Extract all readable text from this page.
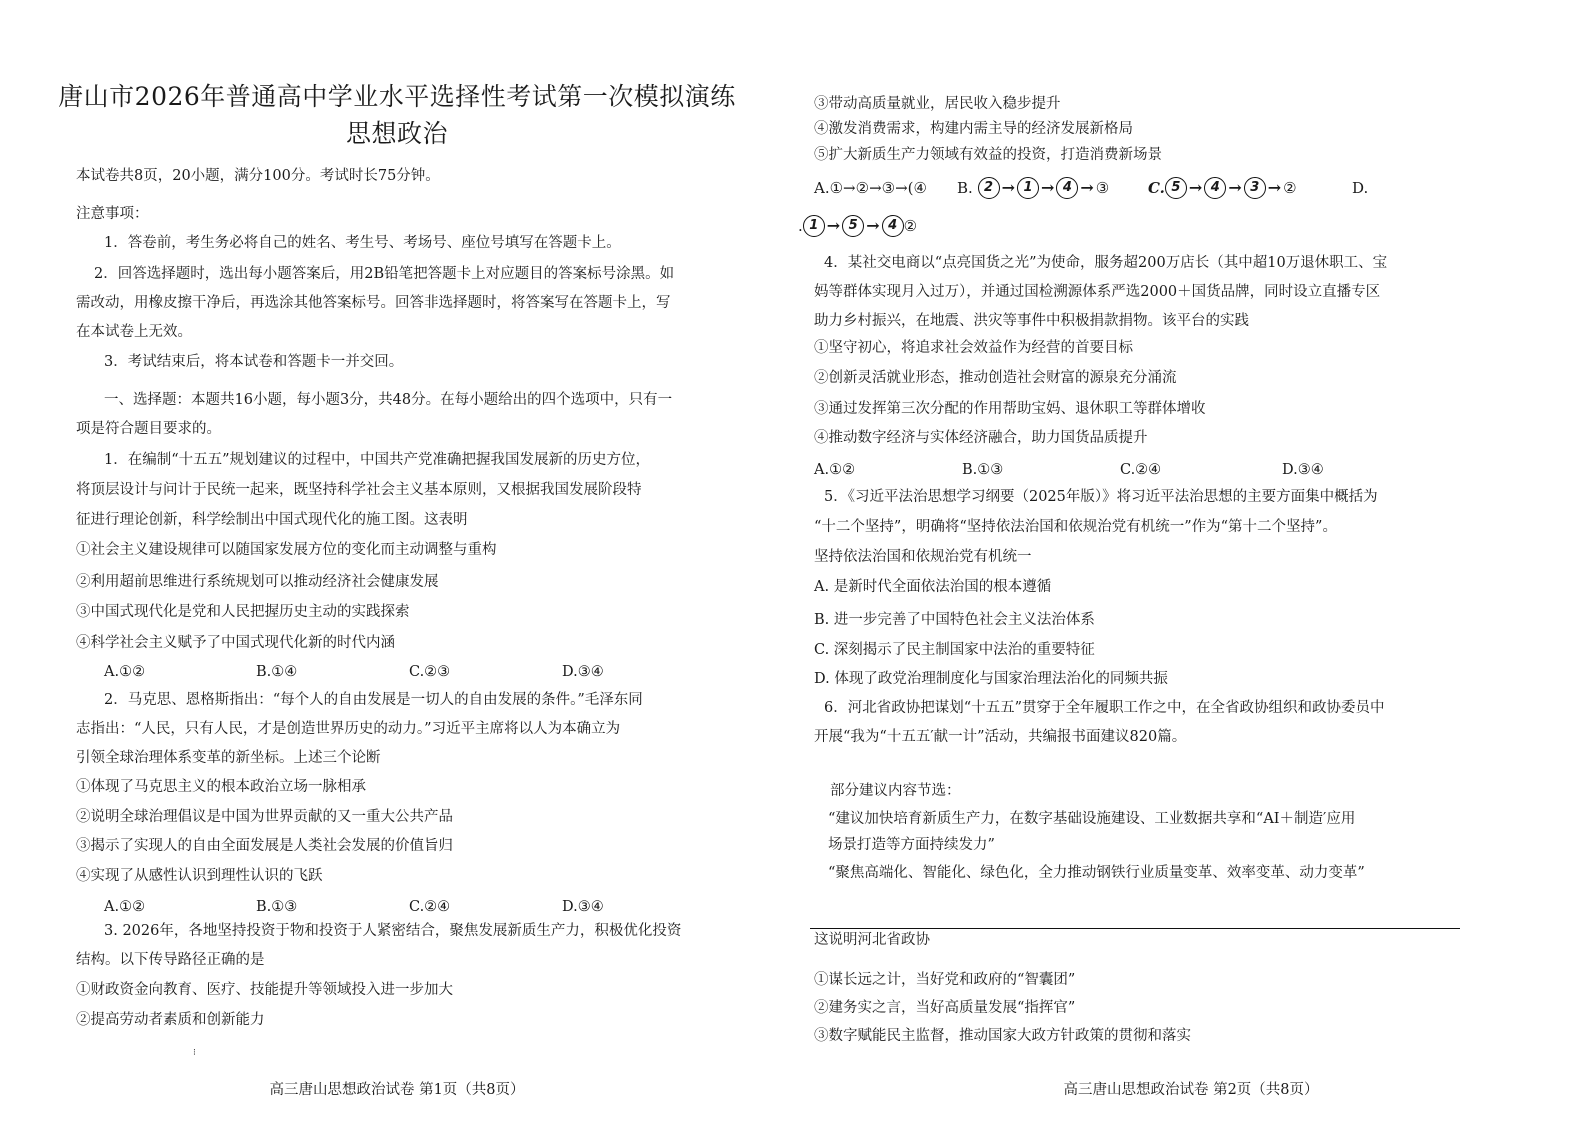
唐山市2026年普通高中学业水平选择性考试第一次模拟演练
思想政治
本试卷共8页，20小题，满分100分。考试时长75分钟。
注意事项：
1．答卷前，考生务必将自己的姓名、考生号、考场号、座位号填写在答题卡上。
2．回答选择题时，选出每小题答案后，用2B铅笔把答题卡上对应题目的答案标号涂黑。如
需改动，用橡皮擦干净后，再选涂其他答案标号。回答非选择题时，将答案写在答题卡上，写
在本试卷上无效。
3．考试结束后，将本试卷和答题卡一并交回。
一、选择题：本题共16小题，每小题3分，共48分。在每小题给出的四个选项中，只有一
项是符合题目要求的。
1．在编制“十五五”规划建议的过程中，中国共产党准确把握我国发展新的历史方位，
将顶层设计与问计于民统一起来，既坚持科学社会主义基本原则，又根据我国发展阶段特
征进行理论创新，科学绘制出中国式现代化的施工图。这表明
①社会主义建设规律可以随国家发展方位的变化而主动调整与重构
②利用超前思维进行系统规划可以推动经济社会健康发展
③中国式现代化是党和人民把握历史主动的实践探索
④科学社会主义赋予了中国式现代化新的时代内涵
A.①②	B.①④	C.②③	D.③④
2．马克思、恩格斯指出：“每个人的自由发展是一切人的自由发展的条件。”毛泽东同
志指出：“人民，只有人民，才是创造世界历史的动力。”习近平主席将以人为本确立为
引领全球治理体系变革的新坐标。上述三个论断
①体现了马克思主义的根本政治立场一脉相承
②说明全球治理倡议是中国为世界贡献的又一重大公共产品
③揭示了实现人的自由全面发展是人类社会发展的价值旨归
④实现了从感性认识到理性认识的飞跃
A.①②	B.①③	C.②④	D.③④
3. 2026年，各地坚持投资于物和投资于人紧密结合，聚焦发展新质生产力，积极优化投资
结构。以下传导路径正确的是
①财政资金向教育、医疗、技能提升等领域投入进一步加大
②提高劳动者素质和创新能力
⁝
高三唐山思想政治试卷 第1页（共8页）
③带动高质量就业，居民收入稳步提升
④激发消费需求，构建内需主导的经济发展新格局
⑤扩大新质生产力领域有效益的投资，打造消费新场景
A.①→②→③→(④ B. 2 → 1 → 4 → ③	C. 5 → 4 → 3 → ②	D.
. 1 → 5 → 4 ②
4．某社交电商以“点亮国货之光”为使命，服务超200万店长（其中超10万退休职工、宝
妈等群体实现月入过万），并通过国检溯源体系严选2000＋国货品牌，同时设立直播专区
助力乡村振兴，在地震、洪灾等事件中积极捐款捐物。该平台的实践
①坚守初心，将追求社会效益作为经营的首要目标
②创新灵活就业形态，推动创造社会财富的源泉充分涌流
③通过发挥第三次分配的作用帮助宝妈、退休职工等群体增收
④推动数字经济与实体经济融合，助力国货品质提升
A.①②	B.①③	C.②④	D.③④
5．《习近平法治思想学习纲要（2025年版）》将习近平法治思想的主要方面集中概括为
“十二个坚持”，明确将“坚持依法治国和依规治党有机统一”作为“第十二个坚持”。
坚持依法治国和依规治党有机统一
A. 是新时代全面依法治国的根本遵循
B. 进一步完善了中国特色社会主义法治体系
C. 深刻揭示了民主制国家中法治的重要特征
D. 体现了政党治理制度化与国家治理法治化的同频共振
6．河北省政协把谋划“十五五”贯穿于全年履职工作之中，在全省政协组织和政协委员中
开展“我为“十五五′献一计”活动，共编报书面建议820篇。
部分建议内容节选：
“建议加快培育新质生产力，在数字基础设施建设、工业数据共享和“AI＋制造′应用
场景打造等方面持续发力”
“聚焦高端化、智能化、绿色化，全力推动钢铁行业质量变革、效率变革、动力变革”
这说明河北省政协
①谋长远之计，当好党和政府的“智囊团”
②建务实之言，当好高质量发展“指挥官”
③数字赋能民主监督，推动国家大政方针政策的贯彻和落实
高三唐山思想政治试卷 第2页（共8页）
